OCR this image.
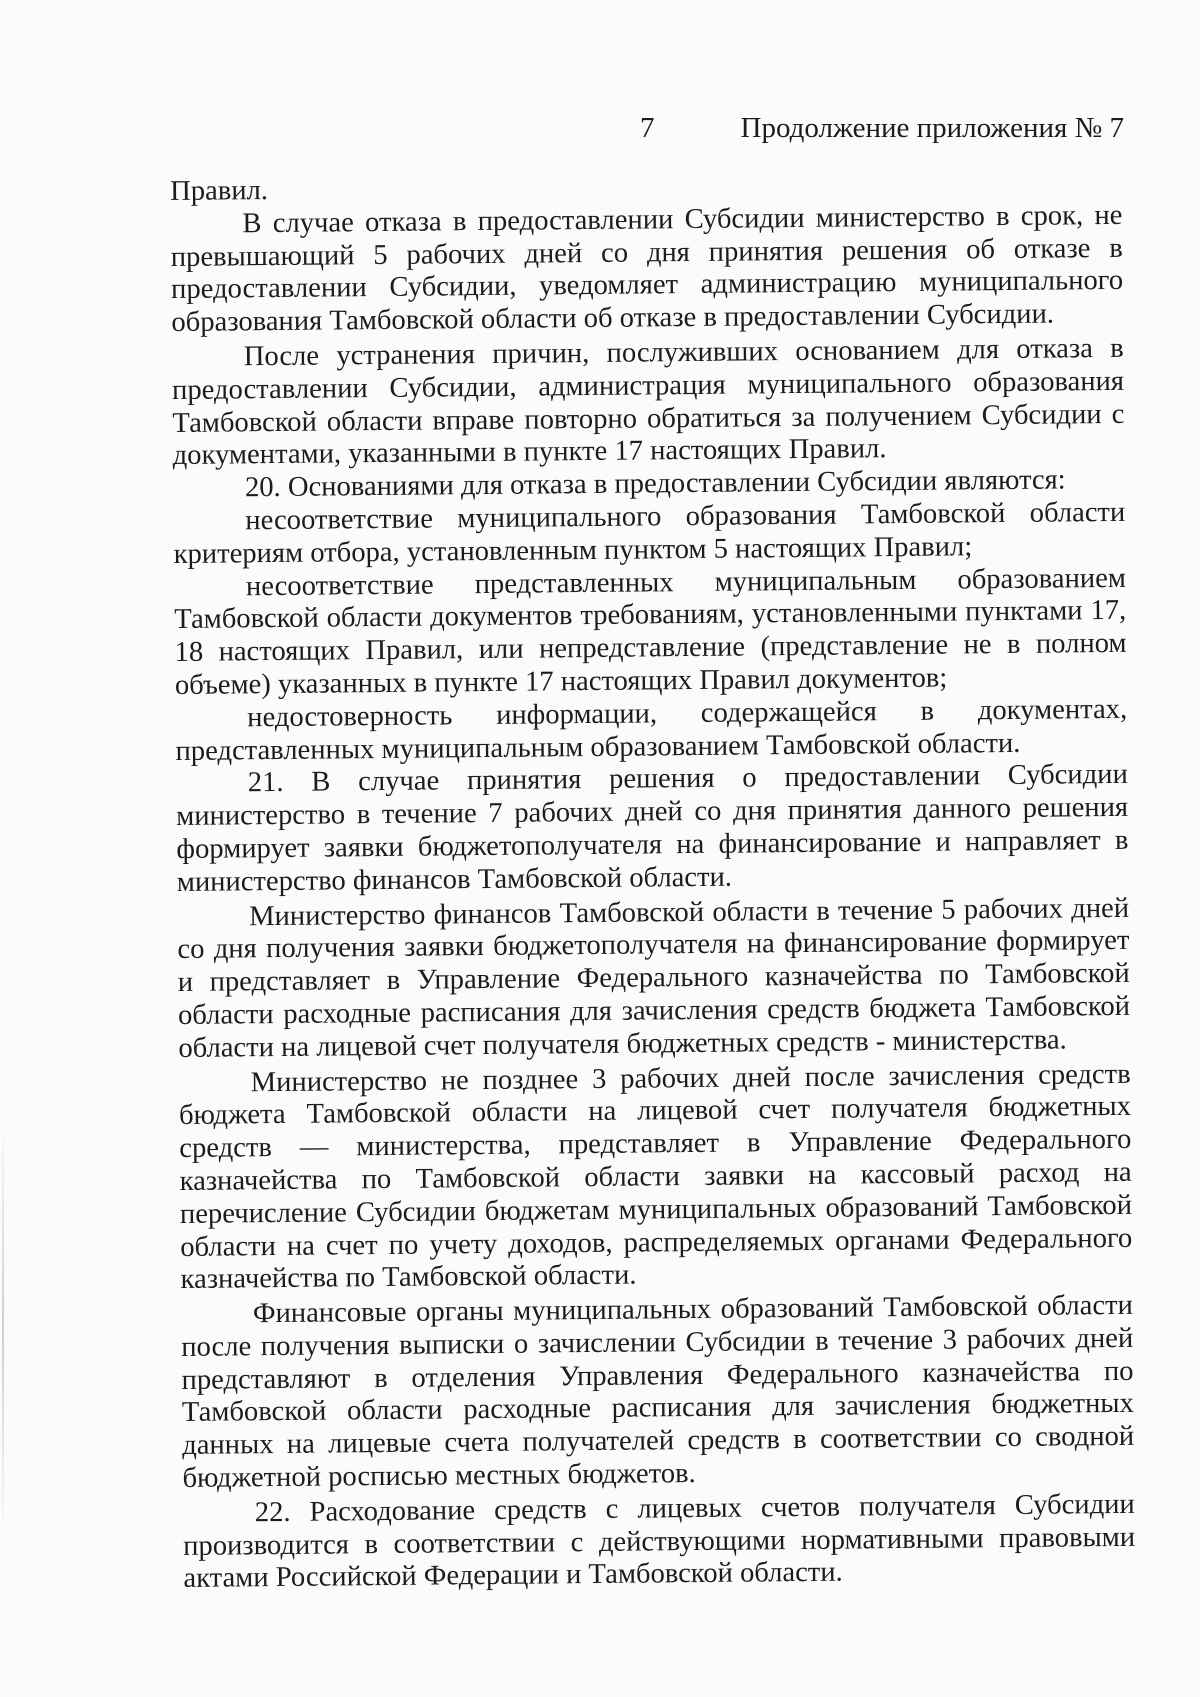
7	Продолжение приложения № 7

Правил.

В случае отказа в предоставлении Субсидии министерство в срок, не превышающий 5 рабочих дней со дня принятия решения об отказе в предоставлении Субсидии, уведомляет администрацию муниципального образования Тамбовской области об отказе в предоставлении Субсидии.

После устранения причин, послуживших основанием для отказа в предоставлении Субсидии, администрация муниципального образования Тамбовской области вправе повторно обратиться за получением Субсидии с документами, указанными в пункте 17 настоящих Правил.

20. Основаниями для отказа в предоставлении Субсидии являются:

несоответствие муниципального образования Тамбовской области критериям отбора, установленным пунктом 5 настоящих Правил;

несоответствие представленных муниципальным образованием Тамбовской области документов требованиям, установленными пунктами 17, 18 настоящих Правил, или непредставление (представление не в полном объеме) указанных в пункте 17 настоящих Правил документов;

недостоверность информации, содержащейся в документах, представленных муниципальным образованием Тамбовской области.

21. В случае принятия решения о предоставлении Субсидии министерство в течение 7 рабочих дней со дня принятия данного решения формирует заявки бюджетополучателя на финансирование и направляет в министерство финансов Тамбовской области.

Министерство финансов Тамбовской области в течение 5 рабочих дней со дня получения заявки бюджетополучателя на финансирование формирует и представляет в Управление Федерального казначейства по Тамбовской области расходные расписания для зачисления средств бюджета Тамбовской области на лицевой счет получателя бюджетных средств - министерства.

Министерство не позднее 3 рабочих дней после зачисления средств бюджета Тамбовской области на лицевой счет получателя бюджетных средств — министерства, представляет в Управление Федерального казначейства по Тамбовской области заявки на кассовый расход на перечисление Субсидии бюджетам муниципальных образований Тамбовской области на счет по учету доходов, распределяемых органами Федерального казначейства по Тамбовской области.

Финансовые органы муниципальных образований Тамбовской области после получения выписки о зачислении Субсидии в течение 3 рабочих дней представляют в отделения Управления Федерального казначейства по Тамбовской области расходные расписания для зачисления бюджетных данных на лицевые счета получателей средств в соответствии со сводной бюджетной росписью местных бюджетов.

22. Расходование средств с лицевых счетов получателя Субсидии производится в соответствии с действующими нормативными правовыми актами Российской Федерации и Тамбовской области.
